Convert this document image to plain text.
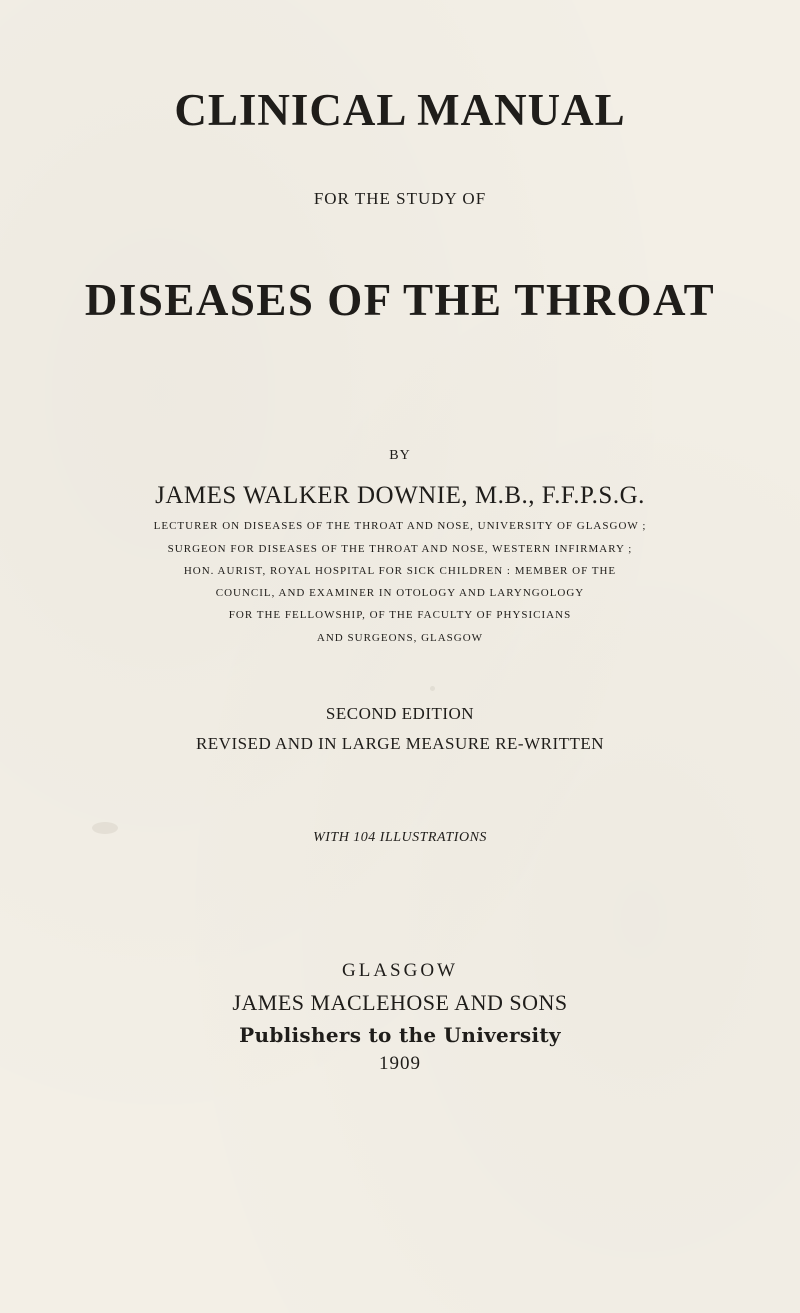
CLINICAL MANUAL

FOR THE STUDY OF

DISEASES OF THE THROAT

BY

JAMES WALKER DOWNIE, M.B., F.F.P.S.G.

LECTURER ON DISEASES OF THE THROAT AND NOSE, UNIVERSITY OF GLASGOW ;

SURGEON FOR DISEASES OF THE THROAT AND NOSE, WESTERN INFIRMARY ;

HON. AURIST, ROYAL HOSPITAL FOR SICK CHILDREN : MEMBER OF THE

COUNCIL, AND EXAMINER IN OTOLOGY AND LARYNGOLOGY

FOR THE FELLOWSHIP, OF THE FACULTY OF PHYSICIANS

AND SURGEONS, GLASGOW

SECOND EDITION

REVISED AND IN LARGE MEASURE RE-WRITTEN

WITH 104 ILLUSTRATIONS

GLASGOW

JAMES MACLEHOSE AND SONS

Publishers to the University

1909
